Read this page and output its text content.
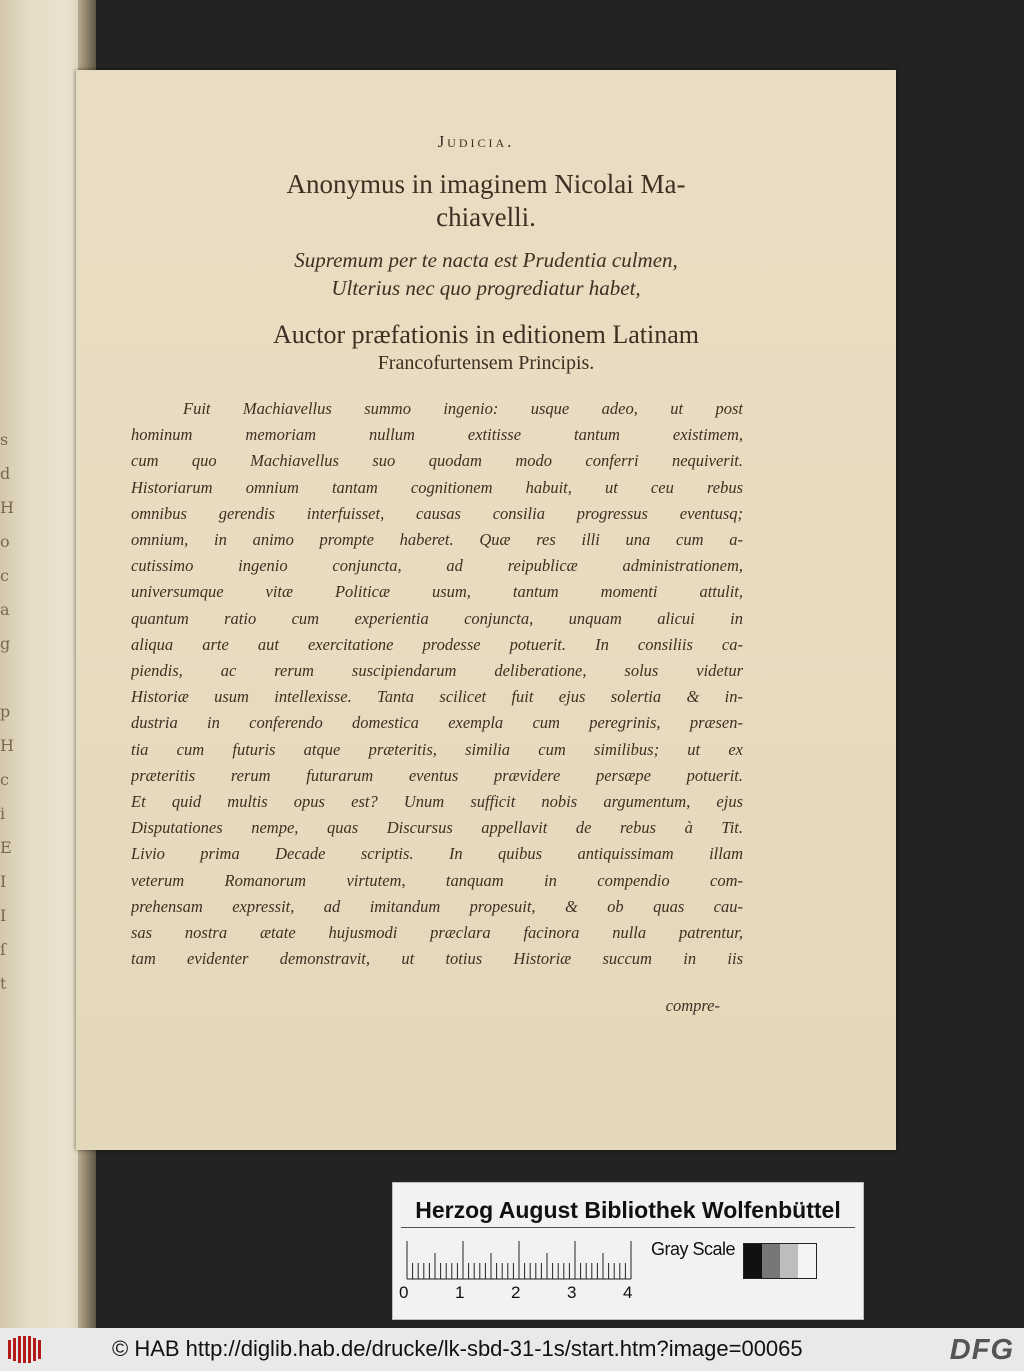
s
d
H
o
c
a
g
p
H
c
i
E
I
I
ſ
t
Judicia.
Anonymus in imaginem Nicolai Ma-
chiavelli.
Supremum per te nacta est Prudentia culmen,
Ulterius nec quo progrediatur habet,
Auctor præfationis in editionem Latinam
Francofurtensem Principis.
Fuit Machiavellus summo ingenio: usque adeo, ut post
hominum memoriam nullum extitisse tantum existimem,
cum quo Machiavellus suo quodam modo conferri nequiverit.
Historiarum omnium tantam cognitionem habuit, ut ceu rebus
omnibus gerendis interfuisset, causas consilia progressus eventusq;
omnium, in animo prompte haberet. Quæ res illi una cum a-
cutissimo ingenio conjuncta, ad reipublicæ administrationem,
universumque vitæ Politicæ usum, tantum momenti attulit,
quantum ratio cum experientia conjuncta, unquam alicui in
aliqua arte aut exercitatione prodesse potuerit. In consiliis ca-
piendis, ac rerum suscipiendarum deliberatione, solus videtur
Historiæ usum intellexisse. Tanta scilicet fuit ejus solertia & in-
dustria in conferendo domestica exempla cum peregrinis, præsen-
tia cum futuris atque præteritis, similia cum similibus; ut ex
præteritis rerum futurarum eventus prævidere persæpe potuerit.
Et quid multis opus est? Unum sufficit nobis argumentum, ejus
Disputationes nempe, quas Discursus appellavit de rebus à Tit.
Livio prima Decade scriptis. In quibus antiquissimam illam
veterum Romanorum virtutem, tanquam in compendio com-
prehensam expressit, ad imitandum propesuit, & ob quas cau-
sas nostra ætate hujusmodi præclara facinora nulla patrentur,
tam evidenter demonstravit, ut totius Historiæ succum in iis
compre-
Herzog August Bibliothek Wolfenbüttel
0	1	2	3	4
Gray Scale
© HAB http://diglib.hab.de/drucke/lk-sbd-31-1s/start.htm?image=00065	DFG
